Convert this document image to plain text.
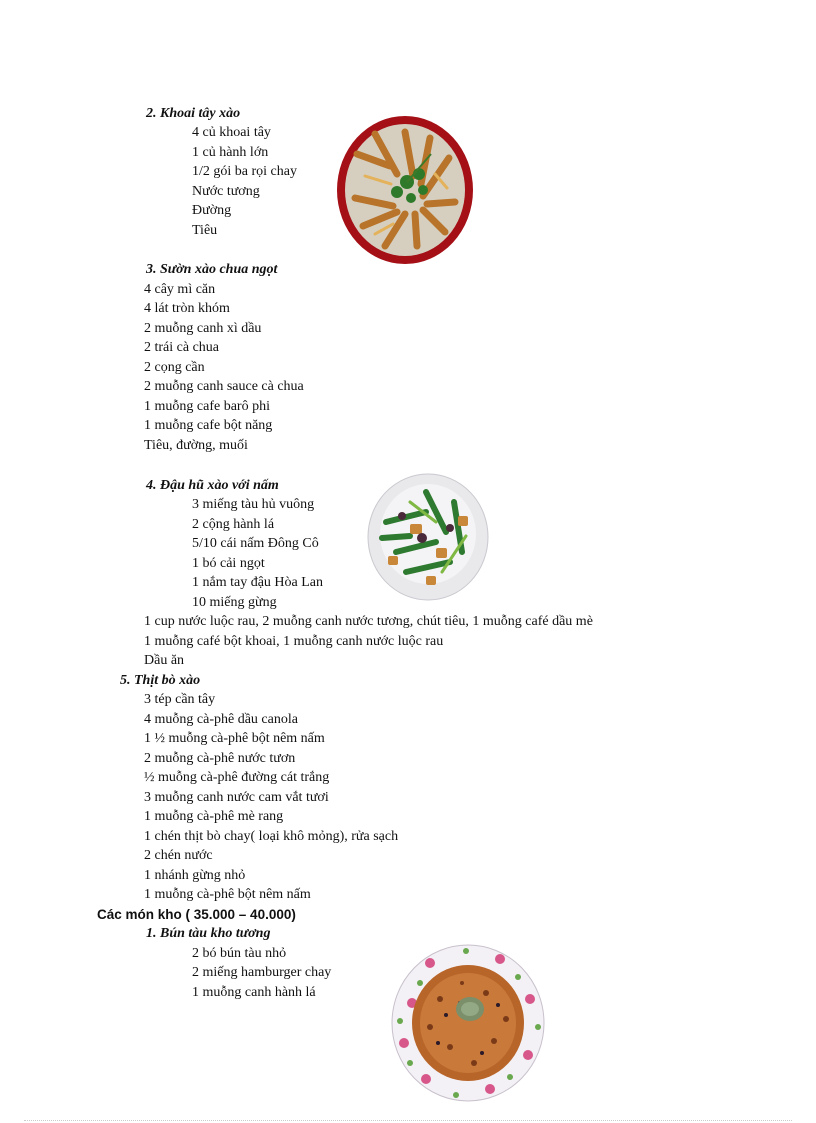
2. Khoai tây xào
4 củ khoai tây
1 củ hành lớn
1/2 gói ba rọi chay
Nước tương
Đường
Tiêu
3. Sườn xào chua ngọt
4 cây mì căn
4 lát tròn khóm
2 muỗng canh xì dầu
2 trái cà chua
2 cọng cần
2 muỗng canh sauce cà chua
1 muỗng cafe barô phi
1 muỗng cafe bột năng
Tiêu, đường, muối
4. Đậu hũ xào với nấm
3 miếng tàu hủ vuông
2 cộng hành lá
5/10 cái nấm Đông Cô
1 bó cải ngọt
1 nắm tay đậu Hòa Lan
10 miếng gừng
1 cup nước luộc rau, 2 muỗng canh nước tương, chút tiêu, 1 muỗng café dầu mè
1 muỗng café bột khoai, 1 muỗng canh nước luộc rau
Dầu ăn
5. Thịt bò xào
3 tép cần tây
4 muỗng cà-phê dầu canola
1 ½ muỗng cà-phê bột nêm nấm
2 muỗng cà-phê nước tươn
½ muỗng cà-phê đường cát trắng
3 muỗng canh nước cam vắt tươi
1 muỗng cà-phê mè rang
1 chén thịt bò chay( loại khô mỏng), rửa sạch
2 chén nước
1 nhánh gừng nhỏ
1 muỗng cà-phê bột nêm nấm
Các món kho ( 35.000 – 40.000)
1. Bún tàu kho tương
2 bó bún tàu nhỏ
2 miếng hamburger chay
1 muỗng canh hành lá
